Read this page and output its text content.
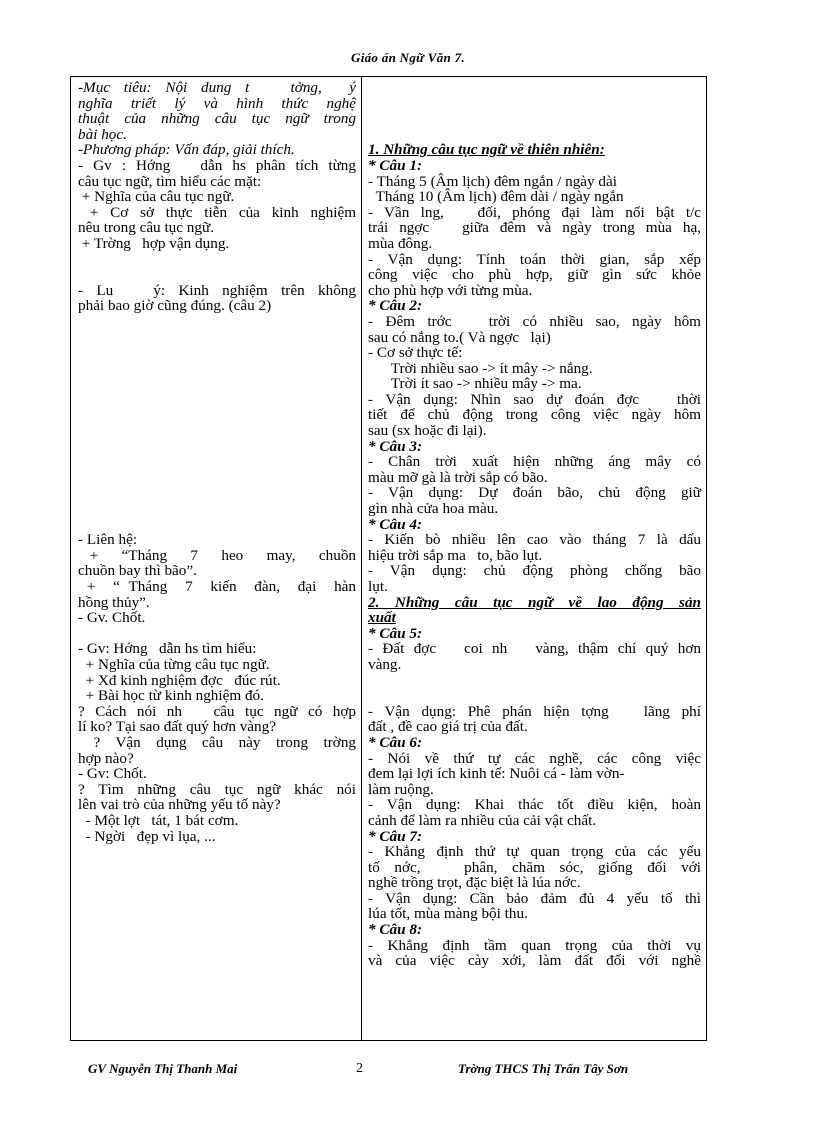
Giáo án Ngữ Văn 7.

-Mục tiêu: Nội dung t   tởng,  ý

nghĩa triết lý và hình thức nghệ

thuật của những câu tục ngữ trong

bài học.

-Phương pháp: Vấn đáp, giải thích.

- Gv : Hớng   dẫn hs phân tích từng

câu tục ngữ, tìm hiểu các mặt:

+ Nghĩa của câu tục ngữ.

+ Cơ sở thực tiễn của kinh nghiệm

nêu trong câu tục ngữ.

+ Trờng   hợp vận dụng.

- Lu   ý: Kinh nghiệm trên không

phải bao giờ cũng đúng. (câu 2)

- Liên hệ:

+  “Tháng  7  heo  may,  chuồn

chuồn bay thì bão”.

+  “ Tháng  7  kiến  đàn,  đại  hàn

hồng thủy”.

- Gv. Chốt.

- Gv: Hớng   dẫn hs tìm hiểu:

+ Nghĩa của từng câu tục ngữ.

+ Xđ kinh nghiệm đợc   đúc rút.

+ Bài học từ kinh nghiệm đó.

? Cách nói nh   câu tục ngữ có hợp

lí ko? Tại sao đất quý hơn vàng?

? Vận dụng câu này trong trờng

hợp nào?

- Gv: Chốt.

? Tìm những câu tục ngữ khác nói

lên vai trò của những yếu tố này?

- Một lợt   tát, 1 bát cơm.

- Ngời   đẹp vì lụa, ...

1. Những câu tục ngữ về thiên nhiên:

* Câu 1:

- Tháng 5 (Âm lịch) đêm ngắn / ngày dài

Tháng 10 (Âm lịch) đêm dài / ngày ngắn

- Vần lng,   đối, phóng đại làm nổi bật t/c

trái ngợc   giữa đêm và ngày trong mùa hạ,

mùa đông.

- Vận dụng: Tính toán thời gian, sắp xếp

công việc cho phù hợp, giữ gìn sức khỏe

cho phù hợp với từng mùa.

* Câu 2:

- Đêm trớc   trời có nhiều sao, ngày hôm

sau có nắng to.( Và ngợc   lại)

- Cơ sở thực tế:

Trời nhiều sao -> ít mây -> nắng.

Trời ít sao -> nhiều mây -> ma.

- Vận dụng: Nhìn sao dự đoán đợc   thời

tiết để chủ động trong công việc ngày hôm

sau (sx hoặc đi lại).

* Câu 3:

- Chân trời xuất hiện những áng mây có

màu mỡ gà là trời sắp có bão.

- Vận dụng: Dự đoán bão, chủ động giữ

gìn nhà cửa hoa màu.

* Câu 4:

- Kiến bò nhiều lên cao vào tháng 7 là dấu

hiệu trời sắp ma   to, bão lụt.

- Vận dụng: chủ động phòng chống bão

lụt.

2. Những câu tục ngữ về lao động sản

xuất

* Câu 5:

- Đất đợc   coi nh   vàng, thậm chí quý hơn

vàng.

- Vận dụng: Phê phán hiện tợng   lãng phí

đất , đề cao giá trị của đất.

* Câu 6:

- Nói về thứ tự các nghề, các công việc

đem lại lợi ích kinh tế: Nuôi cá - làm vờn-

làm ruộng.

- Vận dụng: Khai thác tốt điều kiện, hoàn

cảnh để làm ra nhiều của cải vật chất.

* Câu 7:

- Khẳng định thứ tự quan trọng của các yếu

tố nớc,   phân, chăm sóc, giống đối với

nghề trồng trọt, đặc biệt là lúa nớc.

- Vận dụng: Cần bảo đảm đủ 4 yếu tố thì

lúa tốt, mùa màng bội thu.

* Câu 8:

- Khẳng định tầm quan trọng của thời vụ

và của việc cày xới, làm đất đối với nghề

GV Nguyễn Thị Thanh Mai	2	Trờng THCS Thị Trấn Tây Sơn
